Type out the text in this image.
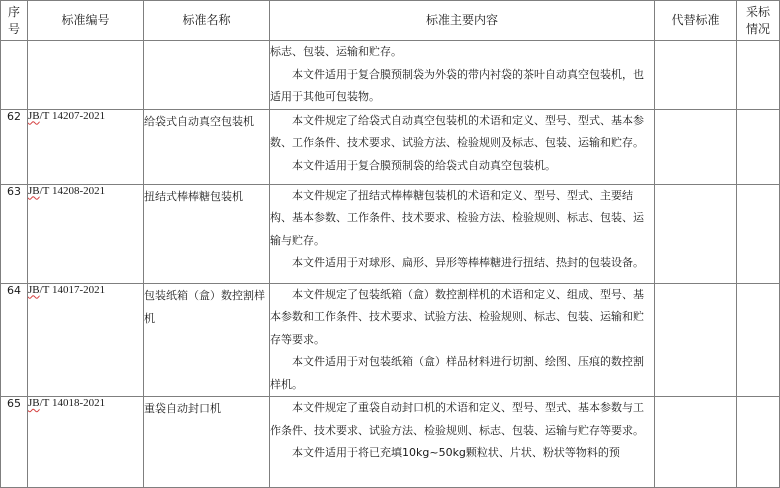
序
号	标准编号	标准名称	标准主要内容	代替标准	采标
情况

			标志、包装、运输和贮存。

本文件适用于复合膜预制袋为外袋的带内衬袋的茶叶自动真空包装机，也适用于其他可包装物。		

62	JB/T 14207-2021	给袋式自动真空包装机	本文件规定了给袋式自动真空包装机的术语和定义、型号、型式、基本参数、工作条件、技术要求、试验方法、检验规则及标志、包装、运输和贮存。

本文件适用于复合膜预制袋的给袋式自动真空包装机。		

63	JB/T 14208-2021	扭结式棒棒糖包装机	本文件规定了扭结式棒棒糖包装机的术语和定义、型号、型式、主要结构、基本参数、工作条件、技术要求、检验方法、检验规则、标志、包装、运输与贮存。

本文件适用于对球形、扁形、异形等棒棒糖进行扭结、热封的包装设备。		

64	JB/T 14017-2021	包装纸箱（盒）数控割样机	本文件规定了包装纸箱（盒）数控割样机的术语和定义、组成、型号、基本参数和工作条件、技术要求、试验方法、检验规则、标志、包装、运输和贮存等要求。

本文件适用于对包装纸箱（盒）样品材料进行切割、绘图、压痕的数控割样机。		

65	JB/T 14018-2021	重袋自动封口机	本文件规定了重袋自动封口机的术语和定义、型号、型式、基本参数与工作条件、技术要求、试验方法、检验规则、标志、包装、运输与贮存等要求。

本文件适用于将已充填10kg~50kg颗粒状、片状、粉状等物料的预		
